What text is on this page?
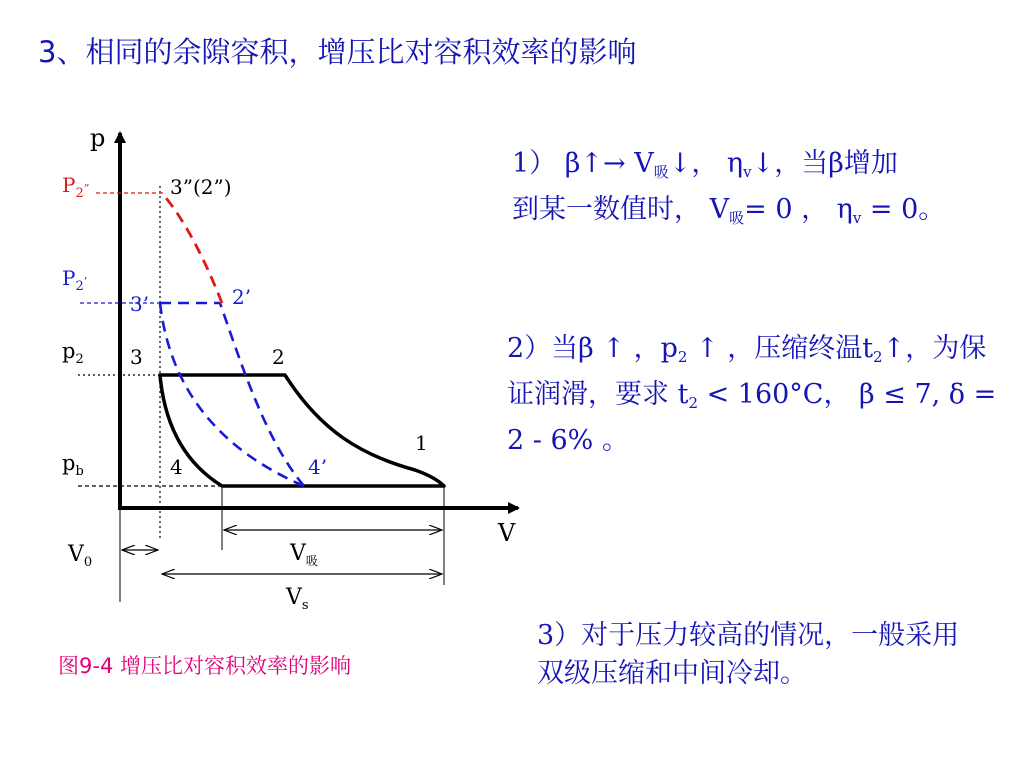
3、相同的余隙容积，增压比对容积效率的影响
p
V
$P_2^”$
$P_2^’$
$p_2$
$p_b$
3”(2”)
3’	2’
3	2
1
4	4’
$V_0$	$V_吸$
$V_s$
1） β↑→ $V_吸↓$， $\eta_v↓$，当β增加
到某一数值时， $V_吸= 0$ ， $\eta_v = 0$。
2）当β ↑ ，$p_2$ ↑ ，压缩终温$t_2↑$，为保证润滑，要求 $t_2 < 160^\circ C$， β ≤ 7, δ = 2 - 6% 。
3）对于压力较高的情况，一般采用双级压缩和中间冷却。
图9-4 增压比对容积效率的影响
